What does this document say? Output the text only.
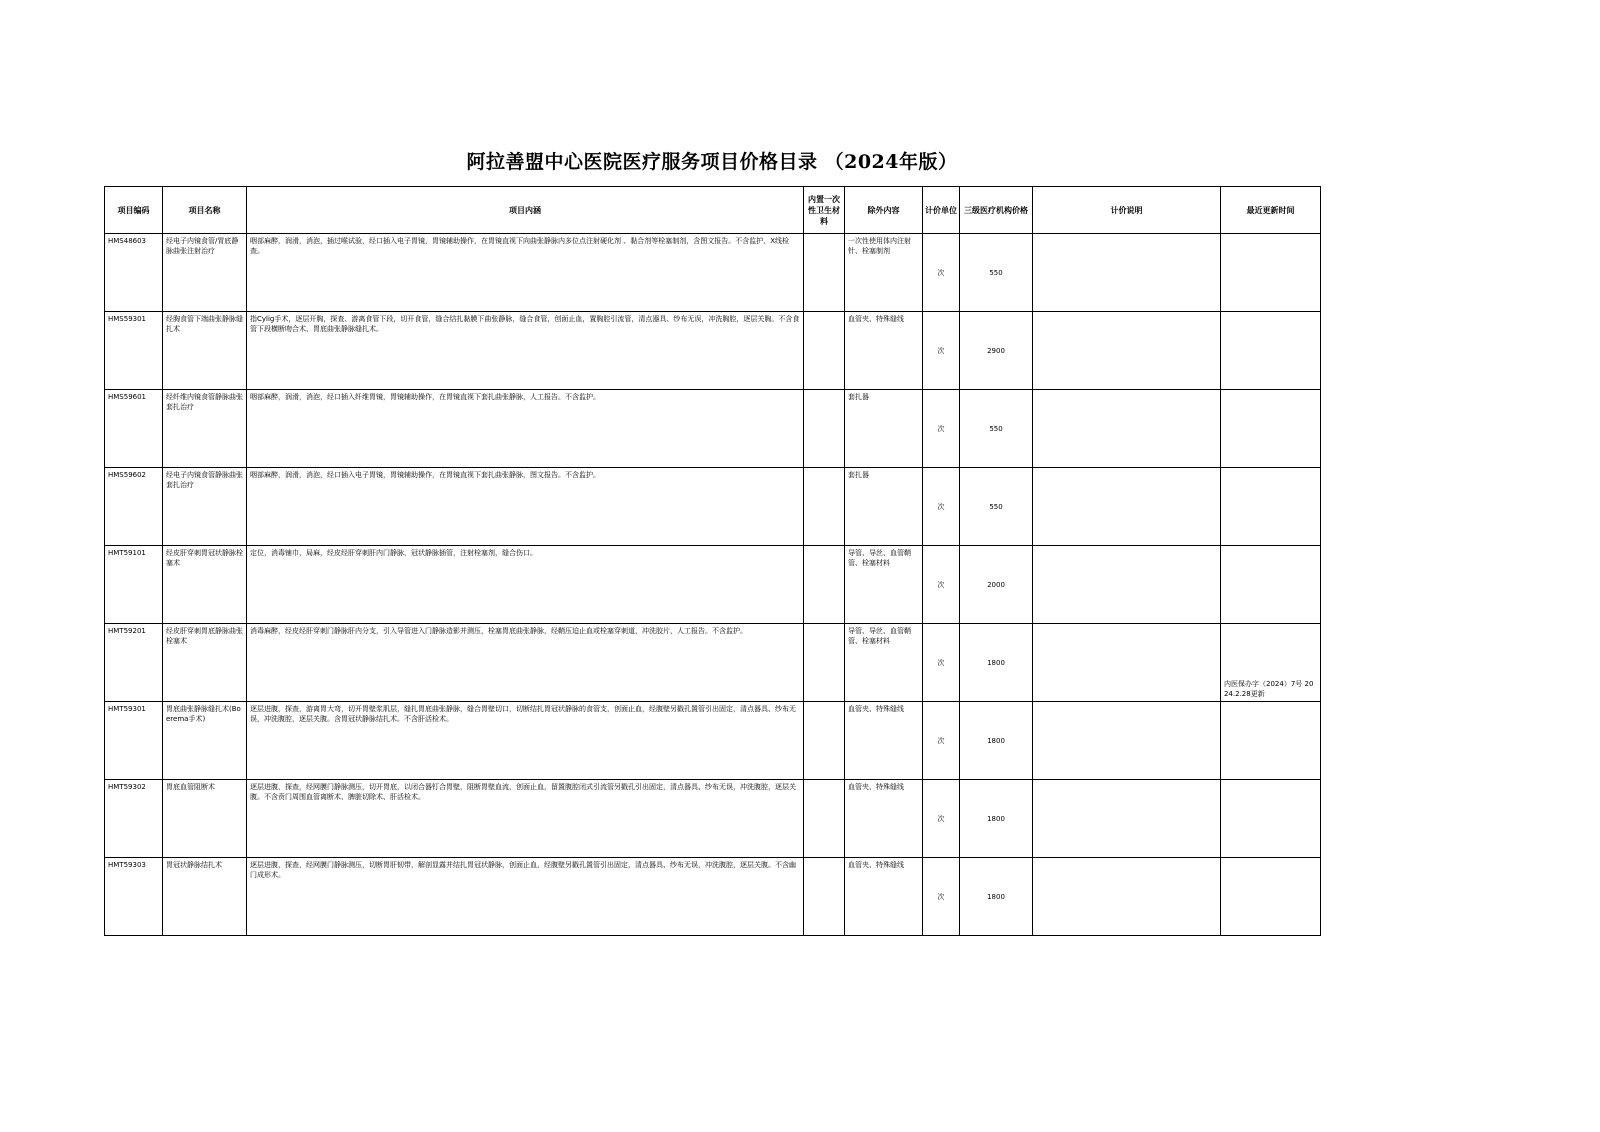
阿拉善盟中心医院医疗服务项目价格目录 （2024年版）
项目编码	项目名称	项目内涵	内置一次性卫生材料	除外内容	计价单位	三级医疗机构价格	计价说明	最近更新时间
HMS48603	经电子内镜食管/胃底静脉曲张注射治疗	咽部麻醉，润滑，消泡，插过喉试验，经口插入电子胃镜，胃镜辅助操作，在胃镜直视下向曲张静脉内多位点注射硬化剂 、黏合剂等栓塞制剂，含图文报告。不含监护、X线检查。		一次性使用体内注射针、栓塞制剂	次	550		
HMS59301	经胸食管下端曲张静脉缝扎术	指Cylig手术，逐层开胸，探查、游离食管下段，切开食管，缝合结扎黏膜下曲张静脉，缝合食管，创面止血，置胸腔引流管，清点器具、纱布无误，冲洗胸腔，逐层关胸。不含食管下段横断吻合术、胃底曲张静脉缝扎术。		血管夹、特殊缝线	次	2900		
HMS59601	经纤维内镜食管静脉曲张套扎治疗	咽部麻醉，润滑，消泡，经口插入纤维胃镜，胃镜辅助操作，在胃镜直视下套扎曲张静脉，人工报告。不含监护。		套扎器	次	550		
HMS59602	经电子内镜食管静脉曲张套扎治疗	咽部麻醉，润滑，消泡，经口插入电子胃镜，胃镜辅助操作，在胃镜直视下套扎曲张静脉，图文报告。不含监护。		套扎器	次	550		
HMT59101	经皮肝穿刺胃冠状静脉栓塞术	定位，消毒铺巾，局麻，经皮经肝穿刺肝内门静脉，冠状静脉插管，注射栓塞剂，缝合伤口。		导管、导丝、血管鞘管、栓塞材料	次	2000		
HMT59201	经皮肝穿刺胃底静脉曲张栓塞术	消毒麻醉，经皮经肝穿刺门静脉肝内分支，引入导管进入门静脉造影并测压，栓塞胃底曲张静脉，经鞘压迫止血或栓塞穿刺道，冲洗胶片，人工报告。不含监护。		导管、导丝、血管鞘管、栓塞材料	次	1800		内医保办字（2024）7号 2024.2.28更新
HMT59301	胃底曲张静脉缝扎术(Boerema手术)	逐层进腹，探查，游离胃大弯，切开胃壁浆肌层，缝扎胃底曲张静脉，缝合胃壁切口，切断结扎胃冠状静脉的食管支，创面止血，经腹壁另戳孔置管引出固定，清点器具、纱布无误，冲洗腹腔，逐层关腹。含胃冠状静脉结扎术。不含肝活检术。		血管夹、特殊缝线	次	1800		
HMT59302	胃底血管阻断术	逐层进腹，探查，经网膜门静脉测压，切开胃底，以闭合器钉合胃壁，阻断胃壁血流，创面止血，留置腹腔闭式引流管另戳孔引出固定，清点器具、纱布无误，冲洗腹腔，逐层关腹。不含贲门周围血管离断术、脾脏切除术、肝活检术。		血管夹、特殊缝线	次	1800		
HMT59303	胃冠状静脉结扎术	逐层进腹，探查，经网膜门静脉测压，切断胃肝韧带，解剖显露并结扎胃冠状静脉，创面止血，经腹壁另戳孔置管引出固定，清点器具、纱布无误，冲洗腹腔，逐层关腹。不含幽门成形术。		血管夹、特殊缝线	次	1800		
